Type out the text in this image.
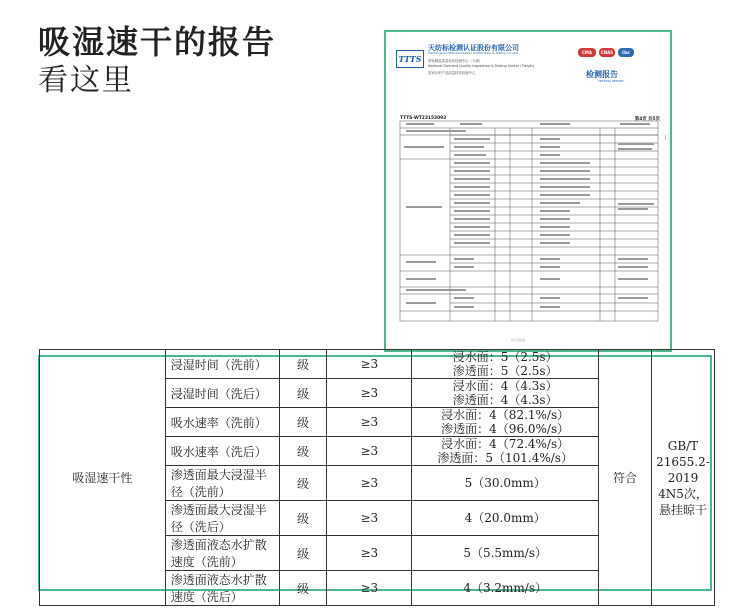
吸湿速干的报告
看这里
TTTS
天纺标检测认证股份有限公司
Tianfangbiao Standardization Certification & Testing Co.,Ltd.
国家服装质量检验检测中心（天津）
National Garment Quality Inspection & Testing Center (Tianjin)
国家针织产品质量检验检测中心
CMA	CNAS	ilac
检测报告
TESTING REPORT
TTTS-WT23153092	第4页 共5页
(以下空白)
∣
吸湿速干性	浸湿时间（洗前）	级	≥3	浸水面：5（2.5s）
渗透面：5（2.5s）	符合	GB/T 21655.2-2019 4N5次，悬挂晾干
	浸湿时间（洗后）	级	≥3	浸水面：4（4.3s）
渗透面：4（4.3s）		

	吸水速率（洗前）	级	≥3	浸水面：4（82.1%/s）
渗透面：4（96.0%/s）		

	吸水速率（洗后）	级	≥3	浸水面：4（72.4%/s）
渗透面：5（101.4%/s）		

	渗透面最大浸湿半径（洗前）	级	≥3	5（30.0mm）		

	渗透面最大浸湿半径（洗后）	级	≥3	4（20.0mm）		

	渗透面液态水扩散速度（洗前）	级	≥3	5（5.5mm/s）		

	渗透面液态水扩散速度（洗后）	级	≥3	4（3.2mm/s）		
